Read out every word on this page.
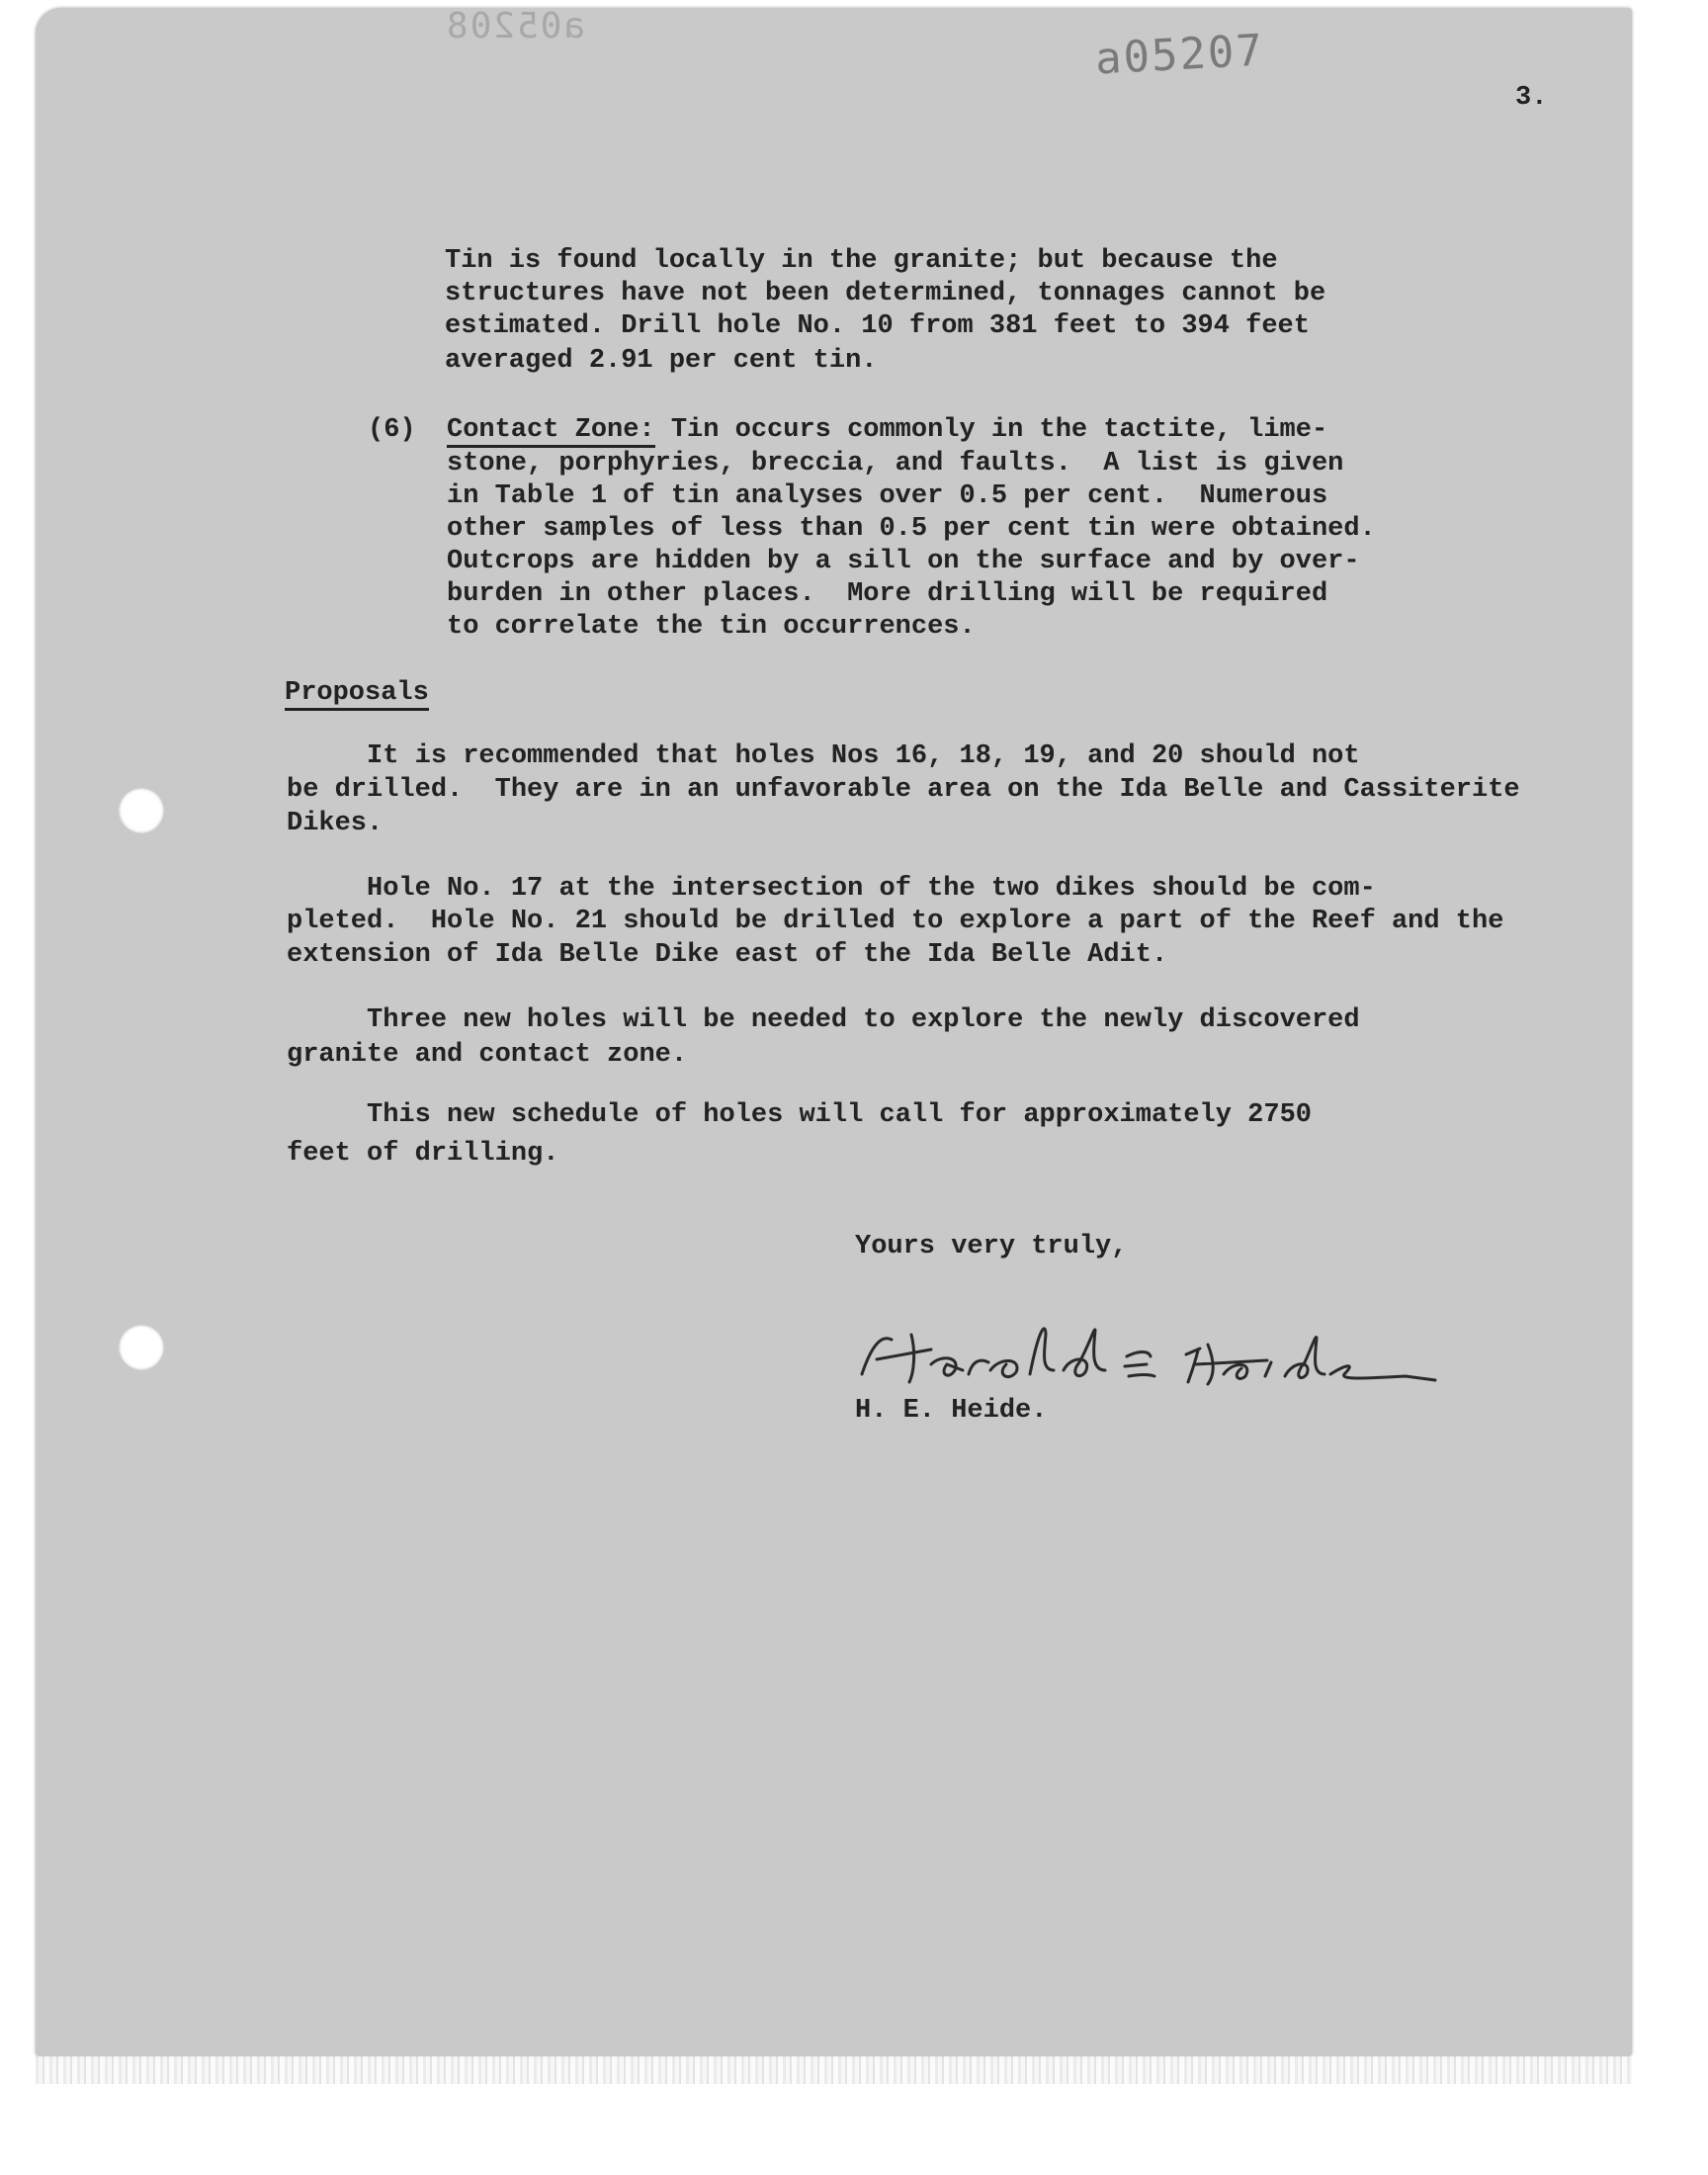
a05208	a05207
3.
Tin is found locally in the granite; but because the
structures have not been determined, tonnages cannot be
estimated. Drill hole No. 10 from 381 feet to 394 feet
averaged 2.91 per cent tin.
(6) Contact Zone: Tin occurs commonly in the tactite, lime-
stone, porphyries, breccia, and faults.  A list is given
in Table 1 of tin analyses over 0.5 per cent.  Numerous
other samples of less than 0.5 per cent tin were obtained.
Outcrops are hidden by a sill on the surface and by over-
burden in other places.  More drilling will be required
to correlate the tin occurrences.
Proposals
It is recommended that holes Nos 16, 18, 19, and 20 should not
be drilled.  They are in an unfavorable area on the Ida Belle and Cassiterite
Dikes.
Hole No. 17 at the intersection of the two dikes should be com-
pleted.  Hole No. 21 should be drilled to explore a part of the Reef and the
extension of Ida Belle Dike east of the Ida Belle Adit.
Three new holes will be needed to explore the newly discovered
granite and contact zone.
This new schedule of holes will call for approximately 2750
feet of drilling.
Yours very truly,
H. E. Heide.
